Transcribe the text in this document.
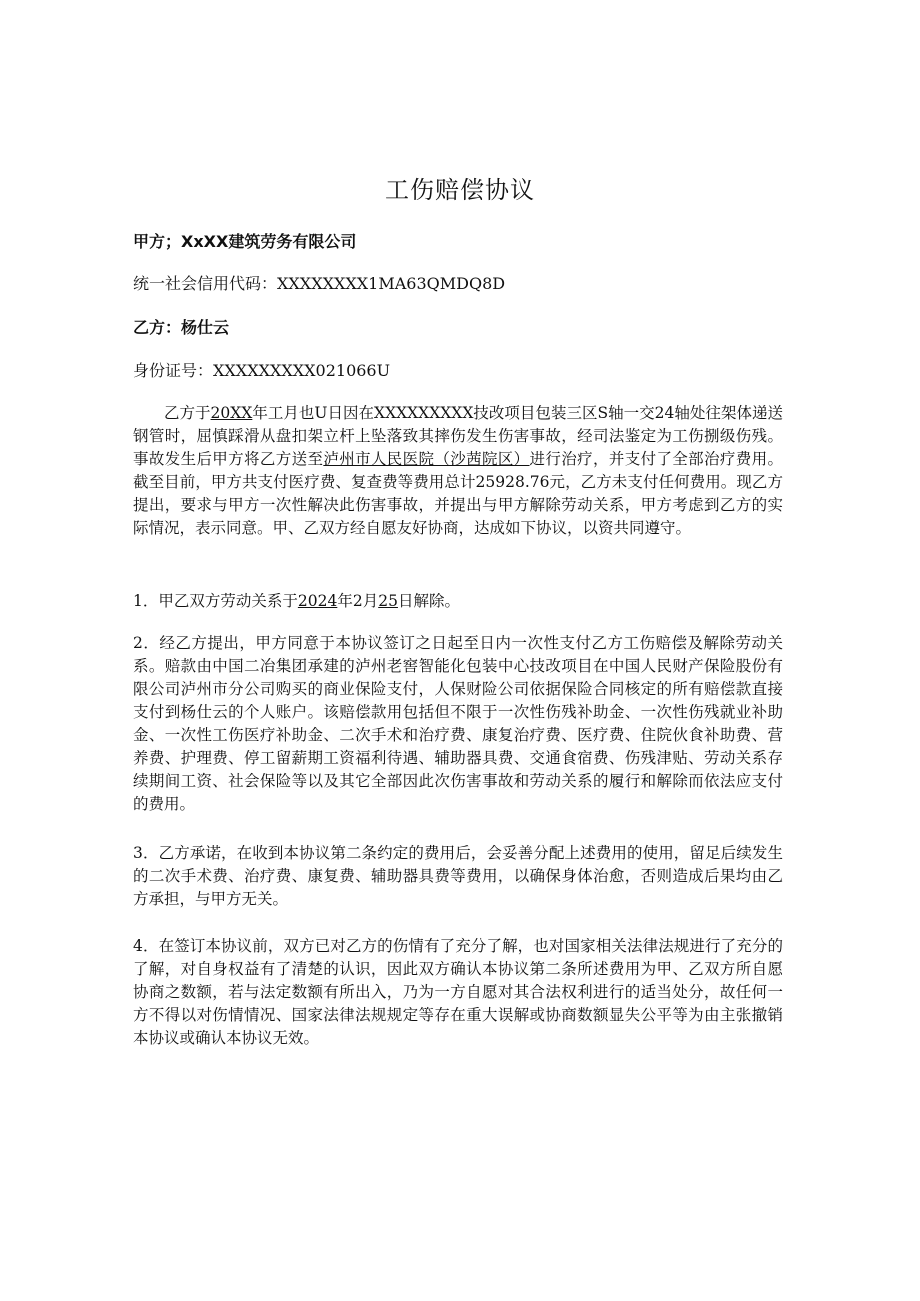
工伤赔偿协议
甲方；XxXX建筑劳务有限公司
统一社会信用代码：XXXXXXXX1MA63QMDQ8D
乙方：杨仕云
身份证号：XXXXXXXXX021066U
乙方于20XX年工月也U日因在XXXXXXXXX技改项目包装三区S轴一交24轴处往架体递送钢管时，屈慎踩滑从盘扣架立杆上坠落致其摔伤发生伤害事故，经司法鉴定为工伤捌级伤残。事故发生后甲方将乙方送至泸州市人民医院（沙茜院区）进行治疗，并支付了全部治疗费用。截至目前，甲方共支付医疗费、复查费等费用总计25928.76元，乙方未支付任何费用。现乙方提出，要求与甲方一次性解决此伤害事故，并提出与甲方解除劳动关系，甲方考虑到乙方的实际情况，表示同意。甲、乙双方经自愿友好协商，达成如下协议，以资共同遵守。
1．甲乙双方劳动关系于2024年2月25日解除。
2．经乙方提出，甲方同意于本协议签订之日起至日内一次性支付乙方工伤赔偿及解除劳动关系。赔款由中国二冶集团承建的泸州老窖智能化包装中心技改项目在中国人民财产保险股份有限公司泸州市分公司购买的商业保险支付，人保财险公司依据保险合同核定的所有赔偿款直接支付到杨仕云的个人账户。该赔偿款用包括但不限于一次性伤残补助金、一次性伤残就业补助金、一次性工伤医疗补助金、二次手术和治疗费、康复治疗费、医疗费、住院伙食补助费、营养费、护理费、停工留薪期工资福利待遇、辅助器具费、交通食宿费、伤残津贴、劳动关系存续期间工资、社会保险等以及其它全部因此次伤害事故和劳动关系的履行和解除而依法应支付的费用。
3．乙方承诺，在收到本协议第二条约定的费用后，会妥善分配上述费用的使用，留足后续发生的二次手术费、治疗费、康复费、辅助器具费等费用，以确保身体治愈，否则造成后果均由乙方承担，与甲方无关。
4．在签订本协议前，双方已对乙方的伤情有了充分了解，也对国家相关法律法规进行了充分的了解，对自身权益有了清楚的认识，因此双方确认本协议第二条所述费用为甲、乙双方所自愿协商之数额，若与法定数额有所出入，乃为一方自愿对其合法权利进行的适当处分，故任何一方不得以对伤情情况、国家法律法规规定等存在重大误解或协商数额显失公平等为由主张撤销本协议或确认本协议无效。
